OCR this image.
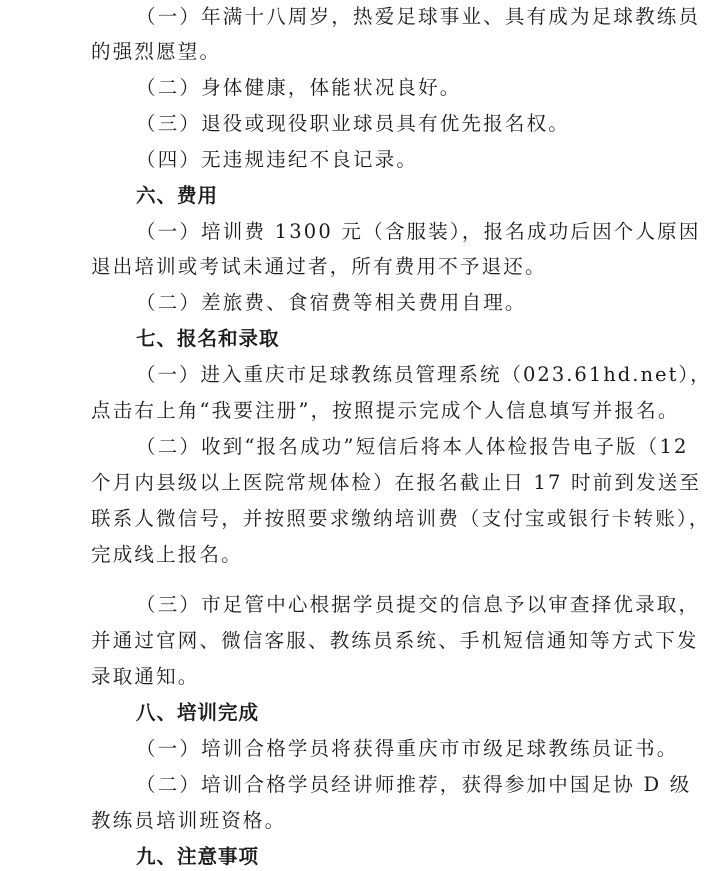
（一）年满十八周岁，热爱足球事业、具有成为足球教练员
的强烈愿望。
（二）身体健康，体能状况良好。
（三）退役或现役职业球员具有优先报名权。
（四）无违规违纪不良记录。
六、费用
（一）培训费 1300 元（含服装），报名成功后因个人原因
退出培训或考试未通过者，所有费用不予退还。
（二）差旅费、食宿费等相关费用自理。
七、报名和录取
（一）进入重庆市足球教练员管理系统（023.61hd.net），
点击右上角“我要注册”，按照提示完成个人信息填写并报名。
（二）收到“报名成功”短信后将本人体检报告电子版（12
个月内县级以上医院常规体检）在报名截止日 17 时前到发送至
联系人微信号，并按照要求缴纳培训费（支付宝或银行卡转账），
完成线上报名。
（三）市足管中心根据学员提交的信息予以审查择优录取，
并通过官网、微信客服、教练员系统、手机短信通知等方式下发
录取通知。
八、培训完成
（一）培训合格学员将获得重庆市市级足球教练员证书。
（二）培训合格学员经讲师推荐，获得参加中国足协 D 级
教练员培训班资格。
九、注意事项
